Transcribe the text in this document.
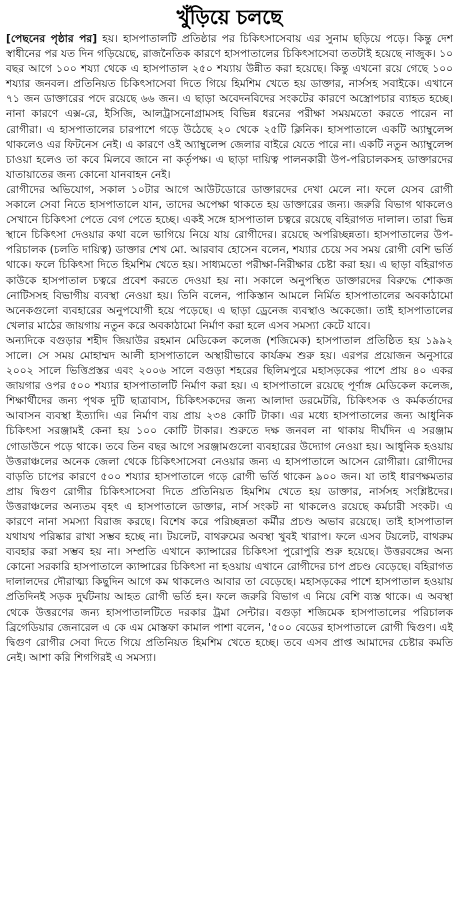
খুঁড়িয়ে চলছে

[পেছনের পৃষ্ঠার পর] হয়। হাসপাতালটি প্রতিষ্ঠার পর চিকিৎসাসেবায় এর সুনাম ছড়িয়ে পড়ে। কিন্তু দেশ স্বাধীনের পর যত দিন গড়িয়েছে, রাজনৈতিক কারণে হাসপাতালের চিকিৎসাসেবা ততটাই হয়েছে নাজুক। ১০ বছর আগে ১০০ শয্যা থেকে এ হাসপাতাল ২৫০ শয্যায় উন্নীত করা হয়েছে। কিন্তু এখনো রয়ে গেছে ১০০ শয্যার জনবল। প্রতিনিয়ত চিকিৎসাসেবা দিতে গিয়ে হিমশিম খেতে হয় ডাক্তার, নার্সসহ সবাইকে। এখানে ৭১ জন ডাক্তারের পদে রয়েছে ৬৬ জন। এ ছাড়া অবেদনবিদের সংকটের কারণে অস্ত্রোপচার ব্যাহত হচ্ছে। নানা কারণে এক্স-রে, ইসিজি, আলট্রাসনোগ্রামসহ বিভিন্ন ধরনের পরীক্ষা সময়মতো করতে পারেন না রোগীরা। এ হাসপাতালের চারপাশে গড়ে উঠেছে ২০ থেকে ২৫টি ক্লিনিক। হাসপাতালে একটি অ্যাম্বুলেন্স থাকলেও এর ফিটনেস নেই। এ কারণে ওই অ্যাম্বুলেন্স জেলার বাইরে যেতে পারে না। একটি নতুন অ্যাম্বুলেন্স চাওয়া হলেও তা কবে মিলবে জানে না কর্তৃপক্ষ। এ ছাড়া দায়িত্ব পালনকারী উপ-পরিচালকসহ ডাক্তারদের যাতায়াতের জন্য কোনো যানবাহন নেই।

রোগীদের অভিযোগ, সকাল ১০টার আগে আউটডোরে ডাক্তারদের দেখা মেলে না। ফলে যেসব রোগী সকালে সেবা নিতে হাসপাতালে যান, তাদের অপেক্ষা থাকতে হয় ডাক্তারের জন্য। জরুরি বিভাগ থাকলেও সেখানে চিকিৎসা পেতে বেগ পেতে হচ্ছে। একই সঙ্গে হাসপাতাল চত্বরে রয়েছে বহিরাগত দালাল। তারা ভিন্ন স্থানে চিকিৎসা দেওয়ার কথা বলে ভাগিয়ে নিয়ে যায় রোগীদের। রয়েছে অপরিচ্ছন্নতা। হাসপাতালের উপ-পরিচালক (চলতি দায়িত্ব) ডাক্তার শেখ মো. আরবাব হোসেন বলেন, শয্যার চেয়ে সব সময় রোগী বেশি ভর্তি থাকে। ফলে চিকিৎসা দিতে হিমশিম খেতে হয়। সাধ্যমতো পরীক্ষা-নিরীক্ষার চেষ্টা করা হয়। এ ছাড়া বহিরাগত কাউকে হাসপাতাল চত্বরে প্রবেশ করতে দেওয়া হয় না। সকালে অনুপস্থিত ডাক্তারদের বিরুদ্ধে শোকজ নোটিসসহ বিভাগীয় ব্যবস্থা নেওয়া হয়। তিনি বলেন, পাকিস্তান আমলে নির্মিত হাসপাতালের অবকাঠামো অনেকগুলো ব্যবহারের অনুপযোগী হয়ে পড়েছে। এ ছাড়া ড্রেনেজ ব্যবস্থাও অকেজো। তাই হাসপাতালের খেলার মাঠের জায়গায় নতুন করে অবকাঠামো নির্মাণ করা হলে এসব সমস্যা কেটে যাবে।

অন্যদিকে বগুড়ার শহীদ জিয়াউর রহমান মেডিকেল কলেজ (শজিমেক) হাসপাতাল প্রতিষ্ঠিত হয় ১৯৯২ সালে। সে সময় মোহাম্মদ আলী হাসপাতালে অস্থায়ীভাবে কার্যক্রম শুরু হয়। এরপর প্রয়োজন অনুসারে ২০০২ সালে ভিত্তিপ্রস্তর এবং ২০০৬ সালে বগুড়া শহরের ছিলিমপুরে মহাসড়কের পাশে প্রায় ৪০ একর জায়গার ওপর ৫০০ শয্যার হাসপাতালটি নির্মাণ করা হয়। এ হাসপাতালে রয়েছে পূর্ণাঙ্গ মেডিকেল কলেজ, শিক্ষার্থীদের জন্য পৃথক দুটি ছাত্রাবাস, চিকিৎসকদের জন্য আলাদা ডরমেটরি, চিকিৎসক ও কর্মকর্তাদের আবাসন ব্যবস্থা ইত্যাদি। এর নির্মাণ ব্যয় প্রায় ২৩৪ কোটি টাকা। এর মধ্যে হাসপাতালের জন্য আধুনিক চিকিৎসা সরঞ্জামই কেনা হয় ১০০ কোটি টাকার। শুরুতে দক্ষ জনবল না থাকায় দীর্ঘদিন এ সরঞ্জাম গোডাউনে পড়ে থাকে। তবে তিন বছর আগে সরঞ্জামগুলো ব্যবহারের উদ্যোগ নেওয়া হয়। আধুনিক হওয়ায় উত্তরাঞ্চলের অনেক জেলা থেকে চিকিৎসাসেবা নেওয়ার জন্য এ হাসপাতালে আসেন রোগীরা। রোগীদের বাড়তি চাপের কারণে ৫০০ শয্যার হাসপাতালে গড়ে রোগী ভর্তি থাকেন ৯০০ জন। যা তাই ধারণক্ষমতার প্রায় দ্বিগুণ রোগীর চিকিৎসাসেবা দিতে প্রতিনিয়ত হিমশিম খেতে হয় ডাক্তার, নার্সসহ সংশ্লিষ্টদের। উত্তরাঞ্চলের অন্যতম বৃহৎ এ হাসপাতালে ডাক্তার, নার্স সংকট না থাকলেও রয়েছে কর্মচারী সংকট। এ কারণে নানা সমস্যা বিরাজ করছে। বিশেষ করে পরিচ্ছন্নতা কর্মীর প্রচণ্ড অভাব রয়েছে। তাই হাসপাতাল যথাযথ পরিষ্কার রাখা সম্ভব হচ্ছে না। টয়লেট, বাথরুমের অবস্থা খুবই খারাপ। ফলে এসব টয়লেট, বাথরুম ব্যবহার করা সম্ভব হয় না। সম্প্রতি এখানে ক্যান্সারের চিকিৎসা পুরোপুরি শুরু হয়েছে। উত্তরবঙ্গের অন্য কোনো সরকারি হাসপাতালে ক্যান্সারের চিকিৎসা না হওয়ায় এখানে রোগীদের চাপ প্রচণ্ড বেড়েছে। বহিরাগত দালালদের দৌরাত্ম্য কিছুদিন আগে কম থাকলেও আবার তা বেড়েছে। মহাসড়কের পাশে হাসপাতাল হওয়ায় প্রতিদিনই সড়ক দুর্ঘটনায় আহত রোগী ভর্তি হন। ফলে জরুরি বিভাগ এ নিয়ে বেশি ব্যস্ত থাকে। এ অবস্থা থেকে উত্তরণের জন্য হাসপাতালটিতে দরকার ট্রমা সেন্টার। বগুড়া শজিমেক হাসপাতালের পরিচালক ব্রিগেডিয়ার জেনারেল এ কে এম মোস্তফা কামাল পাশা বলেন, '৫০০ বেডের হাসপাতালে রোগী দ্বিগুণ। এই দ্বিগুণ রোগীর সেবা দিতে গিয়ে প্রতিনিয়ত হিমশিম খেতে হচ্ছে। তবে এসব প্রাপ্ত আমাদের চেষ্টার কমতি নেই। আশা করি শিগগিরই এ সমস্যা।
